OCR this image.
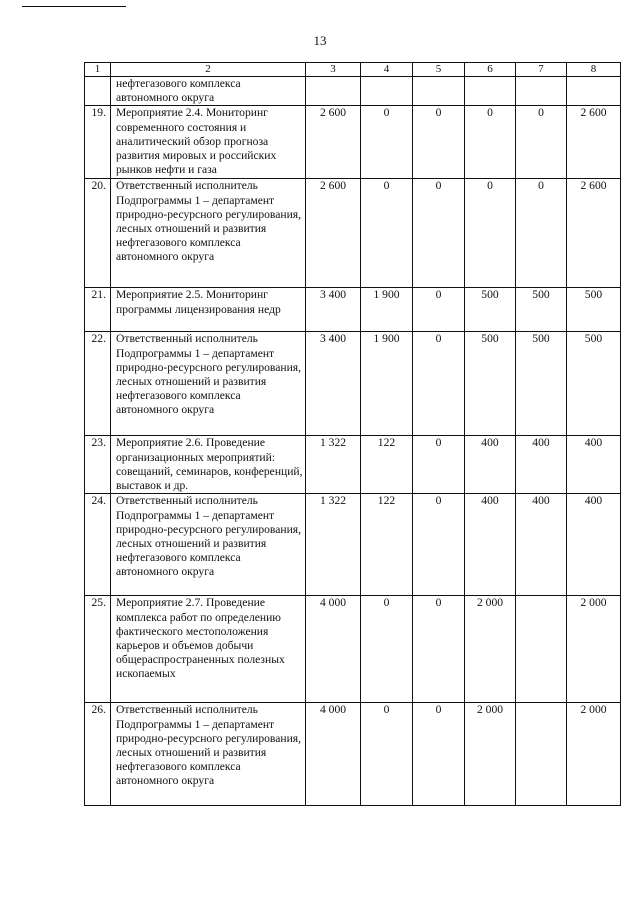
13
1	2	3	4	5	6	7	8
	нефтегазового комплекса автономного округа						
19.	Мероприятие 2.4. Мониторинг современного состояния и аналитический обзор прогноза развития мировых и российских рынков нефти и газа	2 600	0	0	0	0	2 600
20.	Ответственный исполнитель Подпрограммы 1 – департамент природно-ресурсного регулирования, лесных отношений и развития нефтегазового комплекса автономного округа	2 600	0	0	0	0	2 600
21.	Мероприятие 2.5. Мониторинг программы лицензирования недр	3 400	1 900	0	500	500	500
22.	Ответственный исполнитель Подпрограммы 1 – департамент природно-ресурсного регулирования, лесных отношений и развития нефтегазового комплекса автономного округа	3 400	1 900	0	500	500	500
23.	Мероприятие 2.6. Проведение организационных мероприятий: совещаний, семинаров, конференций, выставок и др.	1 322	122	0	400	400	400
24.	Ответственный исполнитель Подпрограммы 1 – департамент природно-ресурсного регулирования, лесных отношений и развития нефтегазового комплекса автономного округа	1 322	122	0	400	400	400
25.	Мероприятие 2.7. Проведение комплекса работ по определению фактического местоположения карьеров и объемов добычи общераспространенных полезных ископаемых	4 000	0	0	2 000		2 000
26.	Ответственный исполнитель Подпрограммы 1 – департамент природно-ресурсного регулирования, лесных отношений и развития нефтегазового комплекса автономного округа	4 000	0	0	2 000		2 000
